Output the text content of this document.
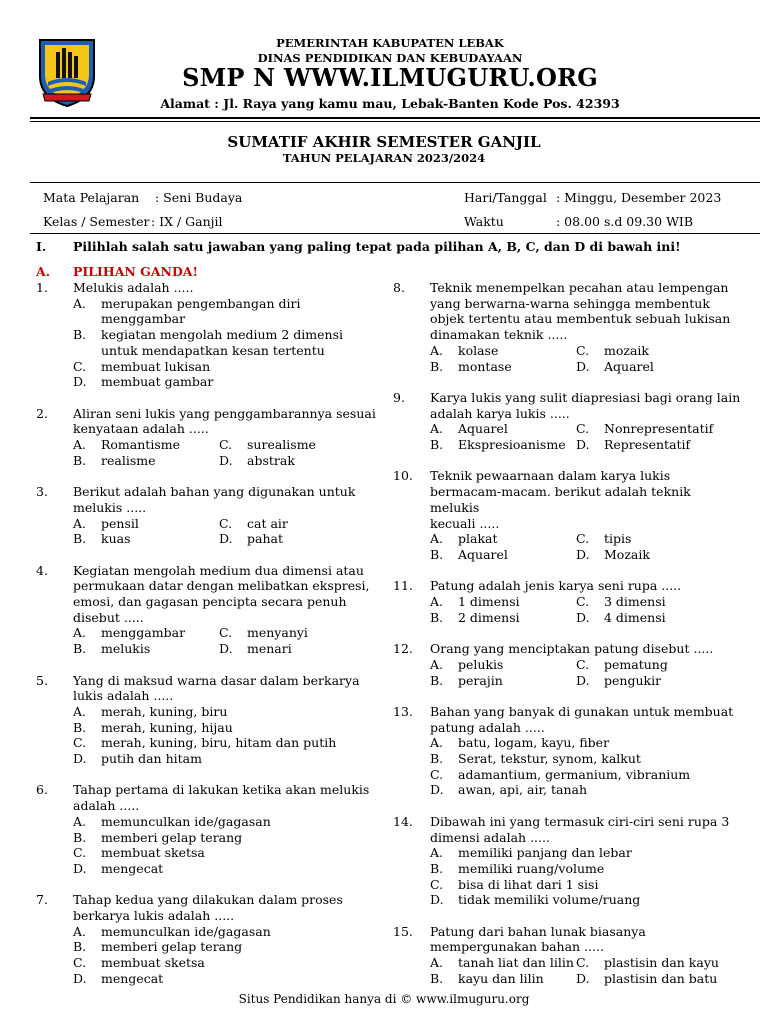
PEMERINTAH KABUPATEN LEBAK
DINAS PENDIDIKAN DAN KEBUDAYAAN
SMP N WWW.ILMUGURU.ORG
Alamat : Jl. Raya yang kamu mau, Lebak-Banten Kode Pos. 42393
SUMATIF AKHIR SEMESTER GANJIL
TAHUN PELAJARAN 2023/2024
Mata Pelajaran : Seni Budaya
Kelas / Semester : IX / Ganjil
Hari/Tanggal : Minggu, Desember 2023
Waktu	: 08.00 s.d 09.30 WIB
I. Pilihlah salah satu jawaban yang paling tepat pada pilihan A, B, C, dan D di bawah ini!
A. PILIHAN GANDA!
1.	Melukis adalah .....
A.	merupakan pengembangan diri menggambar
B.	kegiatan mengolah medium 2 dimensi untuk mendapatkan kesan tertentu
C.	membuat lukisan
D.	membuat gambar
2.	Aliran seni lukis yang penggambarannya sesuai
kenyataan adalah .....
A.	Romantisme	C.	surealisme
B.	realisme	D.	abstrak
3.	Berikut adalah bahan yang digunakan untuk
melukis .....
A.	pensil	C.	cat air
B.	kuas	D.	pahat
4.	Kegiatan mengolah medium dua dimensi atau
permukaan datar dengan melibatkan ekspresi,
emosi, dan gagasan pencipta secara penuh
disebut .....
A.	menggambar	C.	menyanyi
B.	melukis	D.	menari
5.	Yang di maksud warna dasar dalam berkarya
lukis adalah .....
A.	merah, kuning, biru
B.	merah, kuning, hijau
C.	merah, kuning, biru, hitam dan putih
D.	putih dan hitam
6.	Tahap pertama di lakukan ketika akan melukis
adalah .....
A.	memunculkan ide/gagasan
B.	memberi gelap terang
C.	membuat sketsa
D.	mengecat
7.	Tahap kedua yang dilakukan dalam proses
berkarya lukis adalah .....
A.	memunculkan ide/gagasan
B.	memberi gelap terang
C.	membuat sketsa
D.	mengecat
8.	Teknik menempelkan pecahan atau lempengan
yang berwarna-warna sehingga membentuk
objek tertentu atau membentuk sebuah lukisan
dinamakan teknik .....
A.	kolase	C.	mozaik
B.	montase	D.	Aquarel
9.	Karya lukis yang sulit diapresiasi bagi orang lain
adalah karya lukis .....
A.	Aquarel	C.	Nonrepresentatif
B.	Ekspresioanisme D.	Representatif
10.	Teknik pewaarnaan dalam karya lukis
bermacam-macam. berikut adalah teknik melukis
kecuali .....
A.	plakat	C.	tipis
B.	Aquarel	D.	Mozaik
11.	Patung adalah jenis karya seni rupa .....
A.	1 dimensi	C.	3 dimensi
B.	2 dimensi	D.	4 dimensi
12.	Orang yang menciptakan patung disebut .....
A.	pelukis	C.	pematung
B.	perajin	D.	pengukir
13.	Bahan yang banyak di gunakan untuk membuat
patung adalah .....
A.	batu, logam, kayu, fiber
B.	Serat, tekstur, synom, kalkut
C.	adamantium, germanium, vibranium
D.	awan, api, air, tanah
14.	Dibawah ini yang termasuk ciri-ciri seni rupa 3
dimensi adalah .....
A.	memiliki panjang dan lebar
B.	memiliki ruang/volume
C.	bisa di lihat dari 1 sisi
D.	tidak memiliki volume/ruang
15.	Patung dari bahan lunak biasanya
mempergunakan bahan .....
A.	tanah liat dan lilin C.	plastisin dan kayu
B.	kayu dan lilin	D.	plastisin dan batu
Situs Pendidikan hanya di © www.ilmuguru.org
